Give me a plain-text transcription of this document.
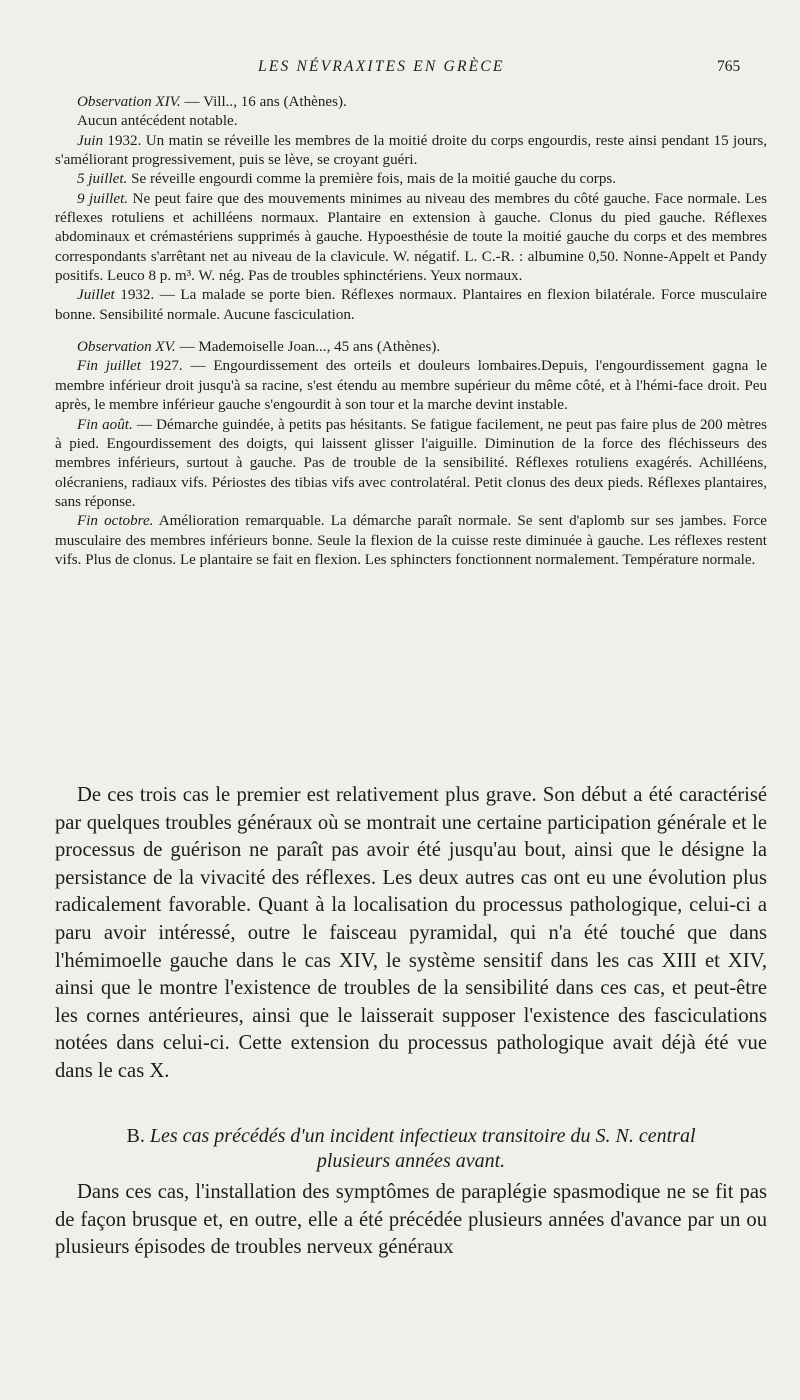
LES NÉVRAXITES EN GRÈCE	765

Observation XIV. — Vill.., 16 ans (Athènes).

Aucun antécédent notable.

Juin 1932. Un matin se réveille les membres de la moitié droite du corps engourdis, reste ainsi pendant 15 jours, s'améliorant progressivement, puis se lève, se croyant guéri.

5 juillet. Se réveille engourdi comme la première fois, mais de la moitié gauche du corps.

9 juillet. Ne peut faire que des mouvements minimes au niveau des membres du côté gauche. Face normale. Les réflexes rotuliens et achilléens normaux. Plantaire en extension à gauche. Clonus du pied gauche. Réflexes abdominaux et crémastériens supprimés à gauche. Hypoesthésie de toute la moitié gauche du corps et des membres correspondants s'arrêtant net au niveau de la clavicule. W. négatif. L. C.-R. : albumine 0,50. Nonne-Appelt et Pandy positifs. Leuco 8 p. m³. W. nég. Pas de troubles sphinctériens. Yeux normaux.

Juillet 1932. — La malade se porte bien. Réflexes normaux. Plantaires en flexion bilatérale. Force musculaire bonne. Sensibilité normale. Aucune fasciculation.

Observation XV. — Mademoiselle Joan..., 45 ans (Athènes).

Fin juillet 1927. — Engourdissement des orteils et douleurs lombaires.Depuis, l'engourdissement gagna le membre inférieur droit jusqu'à sa racine, s'est étendu au membre supérieur du même côté, et à l'hémi-face droit. Peu après, le membre inférieur gauche s'engourdit à son tour et la marche devint instable.

Fin août. — Démarche guindée, à petits pas hésitants. Se fatigue facilement, ne peut pas faire plus de 200 mètres à pied. Engourdissement des doigts, qui laissent glisser l'aiguille. Diminution de la force des fléchisseurs des membres inférieurs, surtout à gauche. Pas de trouble de la sensibilité. Réflexes rotuliens exagérés. Achilléens, olécraniens, radiaux vifs. Périostes des tibias vifs avec controlatéral. Petit clonus des deux pieds. Réflexes plantaires, sans réponse.

Fin octobre. Amélioration remarquable. La démarche paraît normale. Se sent d'aplomb sur ses jambes. Force musculaire des membres inférieurs bonne. Seule la flexion de la cuisse reste diminuée à gauche. Les réflexes restent vifs. Plus de clonus. Le plantaire se fait en flexion. Les sphincters fonctionnent normalement. Température normale.

De ces trois cas le premier est relativement plus grave. Son début a été caractérisé par quelques troubles généraux où se montrait une certaine participation générale et le processus de guérison ne paraît pas avoir été jusqu'au bout, ainsi que le désigne la persistance de la vivacité des réflexes. Les deux autres cas ont eu une évolution plus radicalement favorable. Quant à la localisation du processus pathologique, celui-ci a paru avoir intéressé, outre le faisceau pyramidal, qui n'a été touché que dans l'hémimoelle gauche dans le cas XIV, le système sensitif dans les cas XIII et XIV, ainsi que le montre l'existence de troubles de la sensibilité dans ces cas, et peut-être les cornes antérieures, ainsi que le laisserait supposer l'existence des fasciculations notées dans celui-ci. Cette extension du processus pathologique avait déjà été vue dans le cas X.

B. Les cas précédés d'un incident infectieux transitoire du S. N. central
plusieurs années avant.

Dans ces cas, l'installation des symptômes de paraplégie spasmodique ne se fit pas de façon brusque et, en outre, elle a été précédée plusieurs années d'avance par un ou plusieurs épisodes de troubles nerveux généraux
